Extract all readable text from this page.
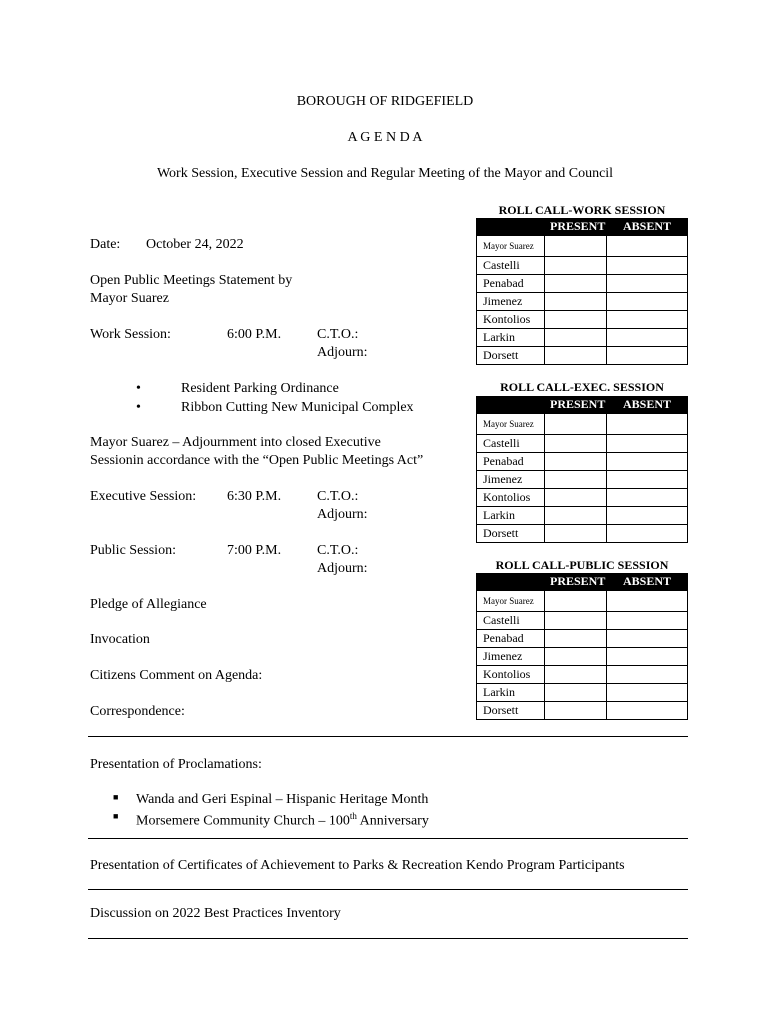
BOROUGH OF RIDGEFIELD
A G E N D A
Work Session, Executive Session and Regular Meeting of the Mayor and Council
Date: October 24, 2022
Open Public Meetings Statement by
Mayor Suarez
Work Session:	6:00 P.M.	C.T.O.:
Adjourn:
•	Resident Parking Ordinance
•	Ribbon Cutting New Municipal Complex
Mayor Suarez – Adjournment into closed Executive
Sessionin accordance with the “Open Public Meetings Act”
Executive Session: 6:30 P.M.	C.T.O.:
Adjourn:
Public Session:	7:00 P.M.	C.T.O.:
Adjourn:
Pledge of Allegiance
Invocation
Citizens Comment on Agenda:
Correspondence:
Presentation of Proclamations:
■ Wanda and Geri Espinal – Hispanic Heritage Month
■ Morsemere Community Church – 100th Anniversary
Presentation of Certificates of Achievement to Parks & Recreation Kendo Program Participants
Discussion on 2022 Best Practices Inventory
ROLL CALL-WORK SESSION
PRESENT ABSENT
Mayor Suarez		
Castelli		
Penabad		
Jimenez		
Kontolios		
Larkin		
Dorsett		
ROLL CALL-EXEC. SESSION
PRESENT ABSENT
Mayor Suarez		
Castelli		
Penabad		
Jimenez		
Kontolios		
Larkin		
Dorsett		
ROLL CALL-PUBLIC SESSION
PRESENT ABSENT
Mayor Suarez		
Castelli		
Penabad		
Jimenez		
Kontolios		
Larkin		
Dorsett		
